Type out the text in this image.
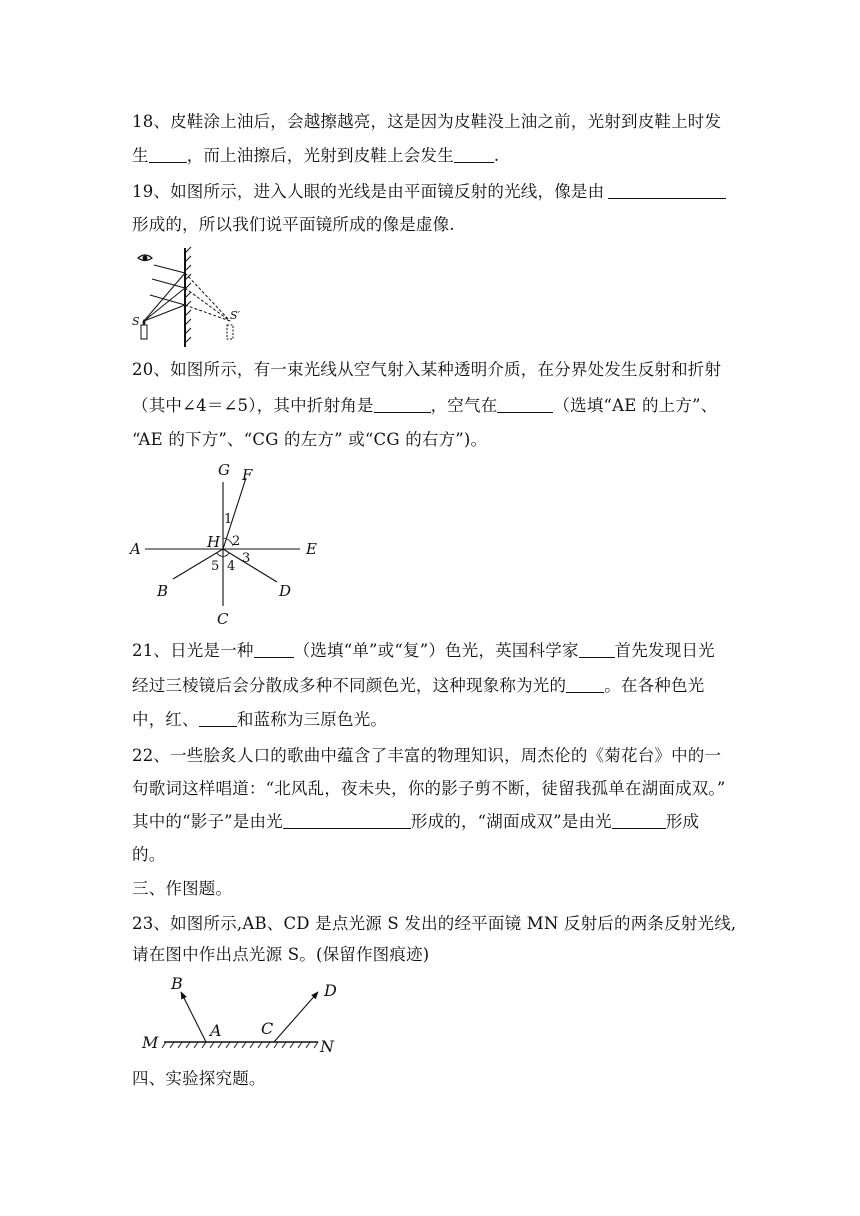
18、皮鞋涂上油后，会越擦越亮，这是因为皮鞋没上油之前，光射到皮鞋上时发
生 ，而上油擦后，光射到皮鞋上会发生 .
19、如图所示，进入人眼的光线是由平面镜反射的光线，像是由
形成的，所以我们说平面镜所成的像是虚像.
S	S′
20、如图所示，有一束光线从空气射入某种透明介质，在分界处发生反射和折射
（其中∠4＝∠5），其中折射角是	，空气在	（选填“AE 的上方”、
“AE 的下方”、“CG 的左方” 或“CG 的右方”)。
G F
A	H	E
B
C
D
1
2
3
4
5
21、日光是一种 （选填“单”或“复”）色光，英国科学家 首先发现日光
经过三棱镜后会分散成多种不同颜色光，这种现象称为光的 。在各种色光
中，红、 和蓝称为三原色光。
22、一些脍炙人口的歌曲中蕴含了丰富的物理知识，周杰伦的《菊花台》中的一
句歌词这样唱道：“北风乱，夜未央，你的影子剪不断，徒留我孤单在湖面成双。”
其中的“影子”是由光	形成的，“湖面成双”是由光	形成
的。
三、作图题。
23、如图所示,AB、CD 是点光源 S 发出的经平面镜 MN 反射后的两条反射光线,
请在图中作出点光源 S。(保留作图痕迹)
B
A C
D
M	N
四、实验探究题。
